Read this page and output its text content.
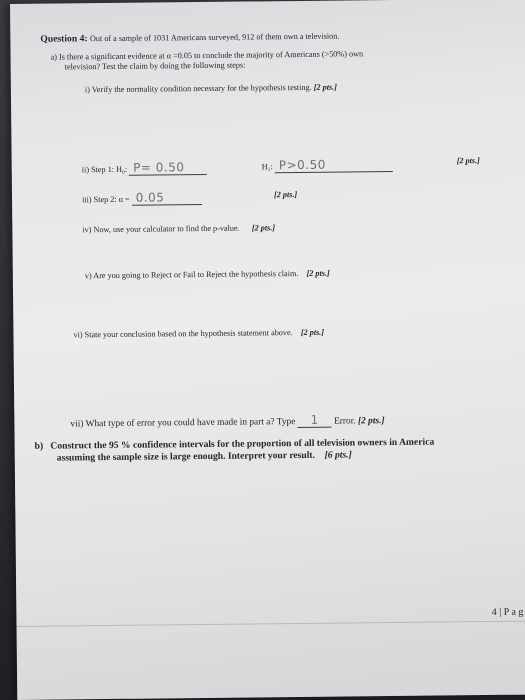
Question 4: Out of a sample of 1031 Americans surveyed, 912 of them own a television.
a) Is there a significant evidence at α =0.05 to conclude the majority of Americans (>50%) own
television? Test the claim by doing the following steps:
i) Verify the normality condition necessary for the hypothesis testing. [2 pts.]
ii) Step 1: H₀: P= 0.50	H₁: P>0.50	[2 pts.]
iii) Step 2: α = 0.05	[2 pts.]
iv) Now, use your calculator to find the p-value. [2 pts.]
v) Are you going to Reject or Fail to Reject the hypothesis claim. [2 pts.]
vi) State your conclusion based on the hypothesis statement above. [2 pts.]
vii) What type of error you could have made in part a? Type 1 Error. [2 pts.]
b) Construct the 95 % confidence intervals for the proportion of all television owners in America
assuming the sample size is large enough. Interpret your result. [6 pts.]
4 | P a g
